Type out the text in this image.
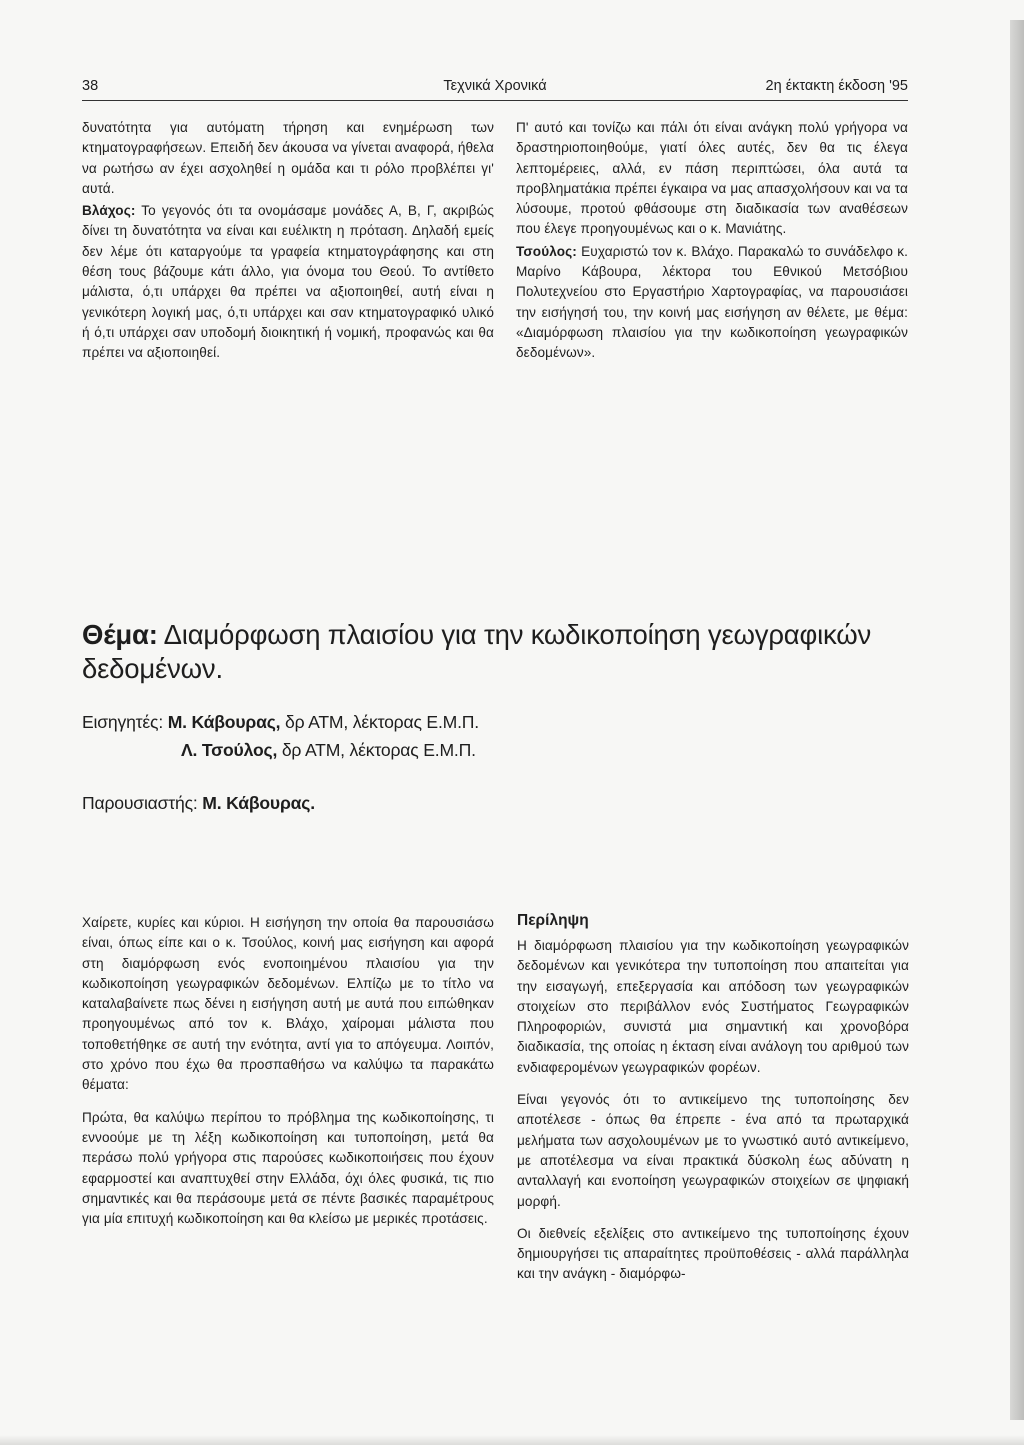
38	Τεχνικά Χρονικά	2η έκτακτη έκδοση '95

δυνατότητα για αυτόματη τήρηση και ενημέρωση των κτηματογραφήσεων. Επειδή δεν άκουσα να γίνεται αναφορά, ήθελα να ρωτήσω αν έχει ασχοληθεί η ομάδα και τι ρόλο προβλέπει γι' αυτά.

Βλάχος: Το γεγονός ότι τα ονομάσαμε μονάδες Α, Β, Γ, ακριβώς δίνει τη δυνατότητα να είναι και ευέλικτη η πρόταση. Δηλαδή εμείς δεν λέμε ότι καταργούμε τα γραφεία κτηματογράφησης και στη θέση τους βάζουμε κάτι άλλο, για όνομα του Θεού. Το αντίθετο μάλιστα, ό,τι υπάρχει θα πρέπει να αξιοποιηθεί, αυτή είναι η γενικότερη λογική μας, ό,τι υπάρχει και σαν κτηματογραφικό υλικό ή ό,τι υπάρχει σαν υποδομή διοικητική ή νομική, προφανώς και θα πρέπει να αξιοποιηθεί.

Π' αυτό και τονίζω και πάλι ότι είναι ανάγκη πολύ γρήγορα να δραστηριοποιηθούμε, γιατί όλες αυτές, δεν θα τις έλεγα λεπτομέρειες, αλλά, εν πάση περιπτώσει, όλα αυτά τα προβληματάκια πρέπει έγκαιρα να μας απασχολήσουν και να τα λύσουμε, προτού φθάσουμε στη διαδικασία των αναθέσεων που έλεγε προηγουμένως και ο κ. Μανιάτης.

Τσούλος: Ευχαριστώ τον κ. Βλάχο. Παρακαλώ το συνάδελφο κ. Μαρίνο Κάβουρα, λέκτορα του Εθνικού Μετσόβιου Πολυτεχνείου στο Εργαστήριο Χαρτογραφίας, να παρουσιάσει την εισήγησή του, την κοινή μας εισήγηση αν θέλετε, με θέμα: «Διαμόρφωση πλαισίου για την κωδικοποίηση γεωγραφικών δεδομένων».

Θέμα: Διαμόρφωση πλαισίου για την κωδικοποίηση γεωγραφικών δεδομένων.
Εισηγητές: Μ. Κάβουρας, δρ ΑΤΜ, λέκτορας Ε.Μ.Π.
Λ. Τσούλος, δρ ΑΤΜ, λέκτορας Ε.Μ.Π.
Παρουσιαστής: Μ. Κάβουρας.

Χαίρετε, κυρίες και κύριοι. Η εισήγηση την οποία θα παρουσιάσω είναι, όπως είπε και ο κ. Τσούλος, κοινή μας εισήγηση και αφορά στη διαμόρφωση ενός ενοποιημένου πλαισίου για την κωδικοποίηση γεωγραφικών δεδομένων. Ελπίζω με το τίτλο να καταλαβαίνετε πως δένει η εισήγηση αυτή με αυτά που ειπώθηκαν προηγουμένως από τον κ. Βλάχο, χαίρομαι μάλιστα που τοποθετήθηκε σε αυτή την ενότητα, αντί για το απόγευμα. Λοιπόν, στο χρόνο που έχω θα προσπαθήσω να καλύψω τα παρακάτω θέματα:

Πρώτα, θα καλύψω περίπου το πρόβλημα της κωδικοποίησης, τι εννοούμε με τη λέξη κωδικοποίηση και τυποποίηση, μετά θα περάσω πολύ γρήγορα στις παρούσες κωδικοποιήσεις που έχουν εφαρμοστεί και αναπτυχθεί στην Ελλάδα, όχι όλες φυσικά, τις πιο σημαντικές και θα περάσουμε μετά σε πέντε βασικές παραμέτρους για μία επιτυχή κωδικοποίηση και θα κλείσω με μερικές προτάσεις.

Περίληψη

Η διαμόρφωση πλαισίου για την κωδικοποίηση γεωγραφικών δεδομένων και γενικότερα την τυποποίηση που απαιτείται για την εισαγωγή, επεξεργασία και απόδοση των γεωγραφικών στοιχείων στο περιβάλλον ενός Συστήματος Γεωγραφικών Πληροφοριών, συνιστά μια σημαντική και χρονοβόρα διαδικασία, της οποίας η έκταση είναι ανάλογη του αριθμού των ενδιαφερομένων γεωγραφικών φορέων.

Είναι γεγονός ότι το αντικείμενο της τυποποίησης δεν αποτέλεσε - όπως θα έπρεπε - ένα από τα πρωταρχικά μελήματα των ασχολουμένων με το γνωστικό αυτό αντικείμενο, με αποτέλεσμα να είναι πρακτικά δύσκολη έως αδύνατη η ανταλλαγή και ενοποίηση γεωγραφικών στοιχείων σε ψηφιακή μορφή.

Οι διεθνείς εξελίξεις στο αντικείμενο της τυποποίησης έχουν δημιουργήσει τις απαραίτητες προϋποθέσεις - αλλά παράλληλα και την ανάγκη - διαμόρφω-
